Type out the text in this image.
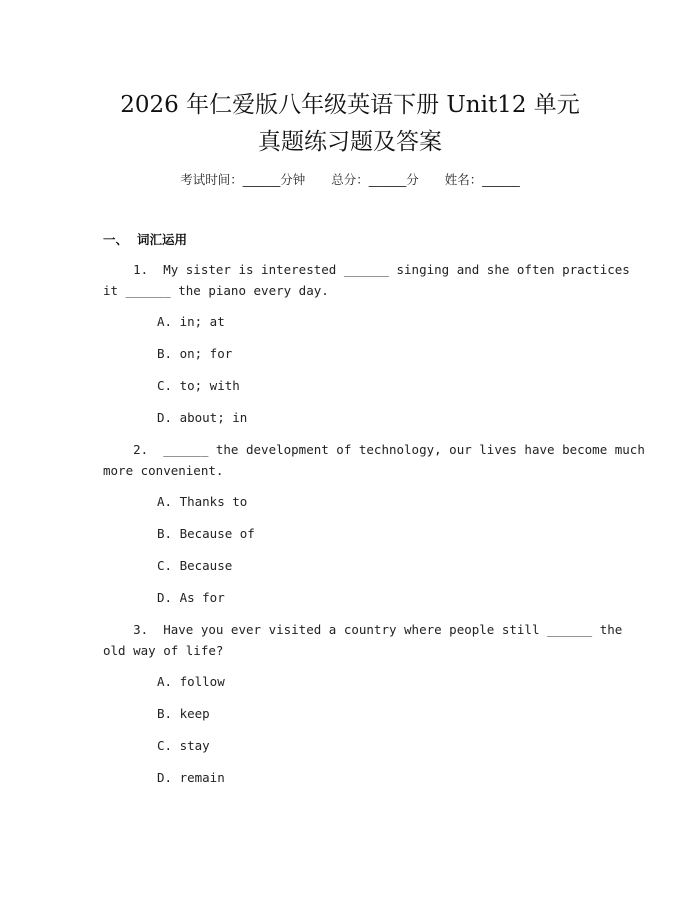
2026 年仁爱版八年级英语下册 Unit12 单元
真题练习题及答案
考试时间：______分钟 总分：______分 姓名：______
一、 词汇运用
1.  My sister is interested ______ singing and she often practices
it ______ the piano every day.
A. in; at
B. on; for
C. to; with
D. about; in
2.  ______ the development of technology, our lives have become much
more convenient.
A. Thanks to
B. Because of
C. Because
D. As for
3.  Have you ever visited a country where people still ______ the
old way of life?
A. follow
B. keep
C. stay
D. remain
